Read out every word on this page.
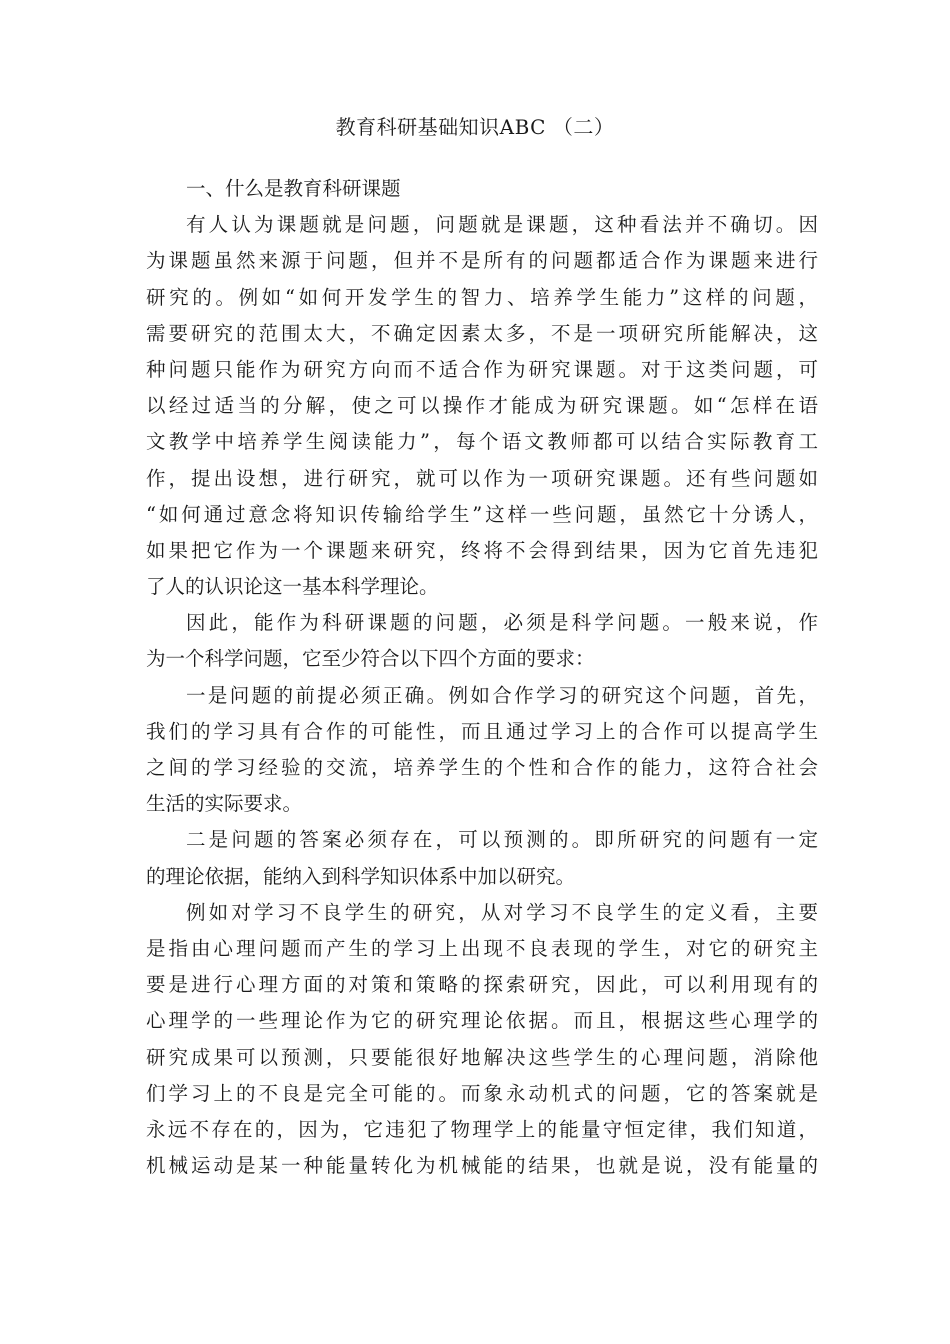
教育科研基础知识ABC （二）
一、什么是教育科研课题
有人认为课题就是问题，问题就是课题，这种看法并不确切。因
为课题虽然来源于问题，但并不是所有的问题都适合作为课题来进行
研究的。例如“如何开发学生的智力、培养学生能力”这样的问题，
需要研究的范围太大，不确定因素太多，不是一项研究所能解决，这
种问题只能作为研究方向而不适合作为研究课题。对于这类问题，可
以经过适当的分解，使之可以操作才能成为研究课题。如“怎样在语
文教学中培养学生阅读能力”，每个语文教师都可以结合实际教育工
作，提出设想，进行研究，就可以作为一项研究课题。还有些问题如
“如何通过意念将知识传输给学生”这样一些问题，虽然它十分诱人，
如果把它作为一个课题来研究，终将不会得到结果，因为它首先违犯
了人的认识论这一基本科学理论。
因此，能作为科研课题的问题，必须是科学问题。一般来说，作
为一个科学问题，它至少符合以下四个方面的要求：
一是问题的前提必须正确。例如合作学习的研究这个问题，首先，
我们的学习具有合作的可能性，而且通过学习上的合作可以提高学生
之间的学习经验的交流，培养学生的个性和合作的能力，这符合社会
生活的实际要求。
二是问题的答案必须存在，可以预测的。即所研究的问题有一定
的理论依据，能纳入到科学知识体系中加以研究。
例如对学习不良学生的研究，从对学习不良学生的定义看，主要
是指由心理问题而产生的学习上出现不良表现的学生，对它的研究主
要是进行心理方面的对策和策略的探索研究，因此，可以利用现有的
心理学的一些理论作为它的研究理论依据。而且，根据这些心理学的
研究成果可以预测，只要能很好地解决这些学生的心理问题，消除他
们学习上的不良是完全可能的。而象永动机式的问题，它的答案就是
永远不存在的，因为，它违犯了物理学上的能量守恒定律，我们知道，
机械运动是某一种能量转化为机械能的结果，也就是说，没有能量的
